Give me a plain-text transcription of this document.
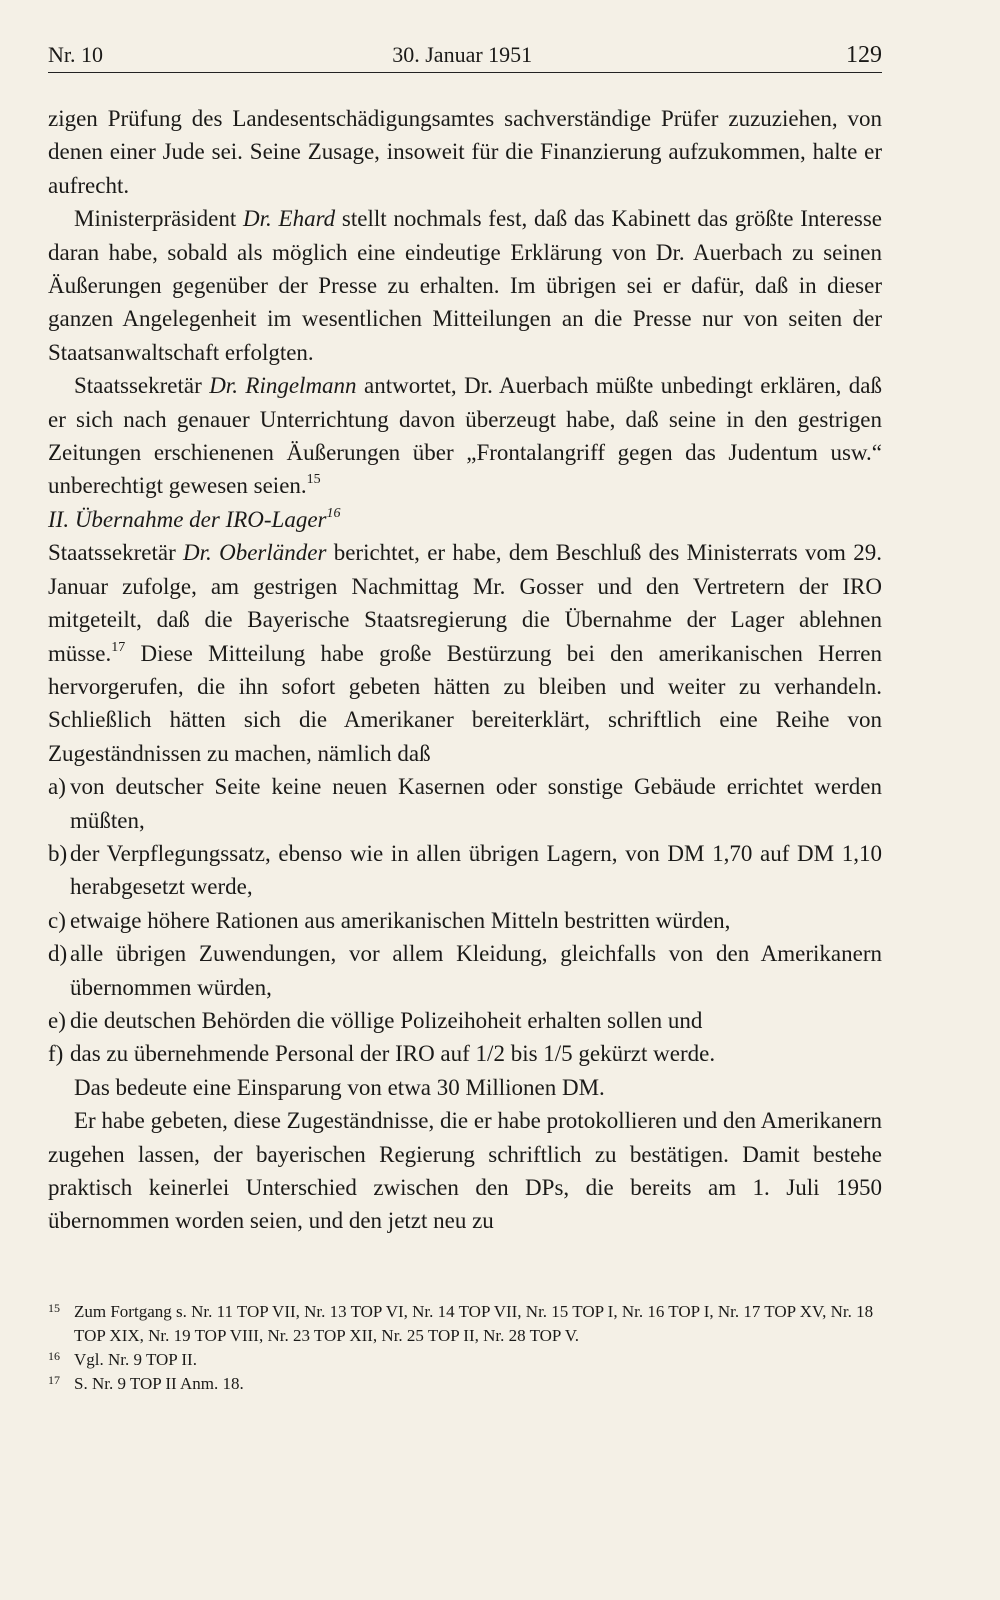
Nr. 10	30. Januar 1951	129

zigen Prüfung des Landesentschädigungsamtes sachverständige Prüfer zuzuziehen, von denen einer Jude sei. Seine Zusage, insoweit für die Finanzierung aufzukommen, halte er aufrecht.

Ministerpräsident Dr. Ehard stellt nochmals fest, daß das Kabinett das größte Interesse daran habe, sobald als möglich eine eindeutige Erklärung von Dr. Auerbach zu seinen Äußerungen gegenüber der Presse zu erhalten. Im übrigen sei er dafür, daß in dieser ganzen Angelegenheit im wesentlichen Mitteilungen an die Presse nur von seiten der Staatsanwaltschaft erfolgten.

Staatssekretär Dr. Ringelmann antwortet, Dr. Auerbach müßte unbedingt erklären, daß er sich nach genauer Unterrichtung davon überzeugt habe, daß seine in den gestrigen Zeitungen erschienenen Äußerungen über „Frontalangriff gegen das Judentum usw.“ unberechtigt gewesen seien.$^{15}$

II. Übernahme der IRO-Lager$^{16}$

Staatssekretär Dr. Oberländer berichtet, er habe, dem Beschluß des Ministerrats vom 29. Januar zufolge, am gestrigen Nachmittag Mr. Gosser und den Vertretern der IRO mitgeteilt, daß die Bayerische Staatsregierung die Übernahme der Lager ablehnen müsse.$^{17}$ Diese Mitteilung habe große Bestürzung bei den amerikanischen Herren hervorgerufen, die ihn sofort gebeten hätten zu bleiben und weiter zu verhandeln. Schließlich hätten sich die Amerikaner bereiterklärt, schriftlich eine Reihe von Zugeständnissen zu machen, nämlich daß

a) von deutscher Seite keine neuen Kasernen oder sonstige Gebäude errichtet werden müßten,
b) der Verpflegungssatz, ebenso wie in allen übrigen Lagern, von DM 1,70 auf DM 1,10 herabgesetzt werde,
c) etwaige höhere Rationen aus amerikanischen Mitteln bestritten würden,
d) alle übrigen Zuwendungen, vor allem Kleidung, gleichfalls von den Amerikanern übernommen würden,
e) die deutschen Behörden die völlige Polizeihoheit erhalten sollen und
f) das zu übernehmende Personal der IRO auf 1/2 bis 1/5 gekürzt werde.

Das bedeute eine Einsparung von etwa 30 Millionen DM.

Er habe gebeten, diese Zugeständnisse, die er habe protokollieren und den Amerikanern zugehen lassen, der bayerischen Regierung schriftlich zu bestätigen. Damit bestehe praktisch keinerlei Unterschied zwischen den DPs, die bereits am 1. Juli 1950 übernommen worden seien, und den jetzt neu zu

15 Zum Fortgang s. Nr. 11 TOP VII, Nr. 13 TOP VI, Nr. 14 TOP VII, Nr. 15 TOP I, Nr. 16 TOP I, Nr. 17 TOP XV, Nr. 18 TOP XIX, Nr. 19 TOP VIII, Nr. 23 TOP XII, Nr. 25 TOP II, Nr. 28 TOP V.
16 Vgl. Nr. 9 TOP II.
17 S. Nr. 9 TOP II Anm. 18.
